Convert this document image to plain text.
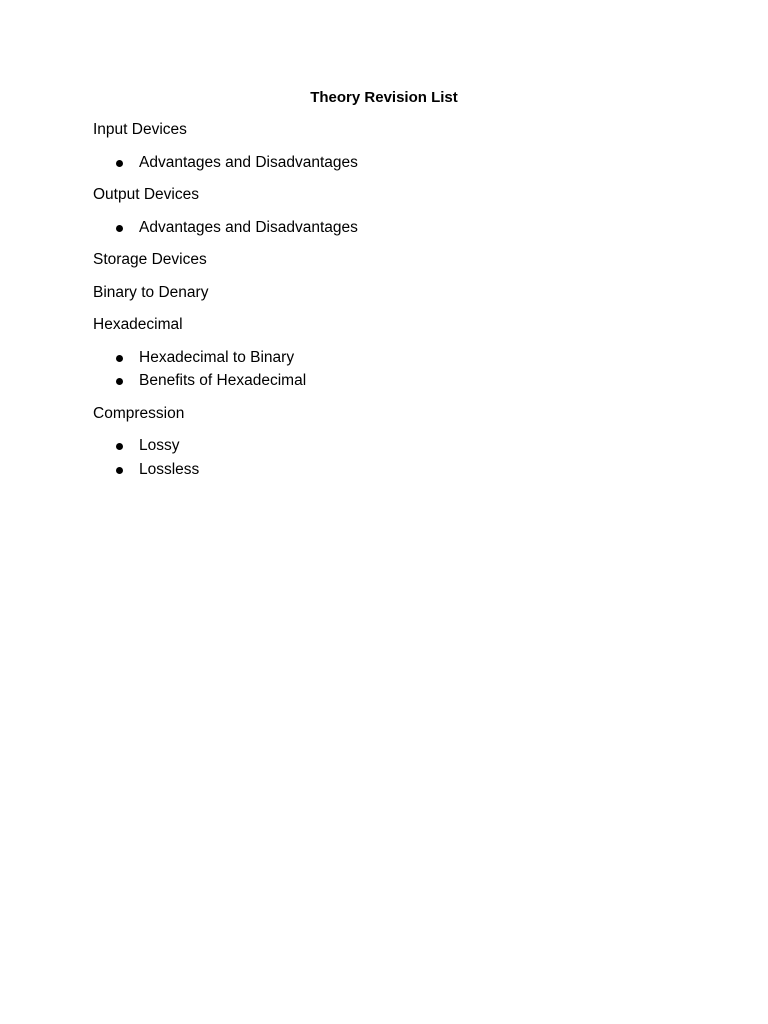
Theory Revision List
Input Devices
Advantages and Disadvantages
Output Devices
Advantages and Disadvantages
Storage Devices
Binary to Denary
Hexadecimal
Hexadecimal to Binary
Benefits of Hexadecimal
Compression
Lossy
Lossless
